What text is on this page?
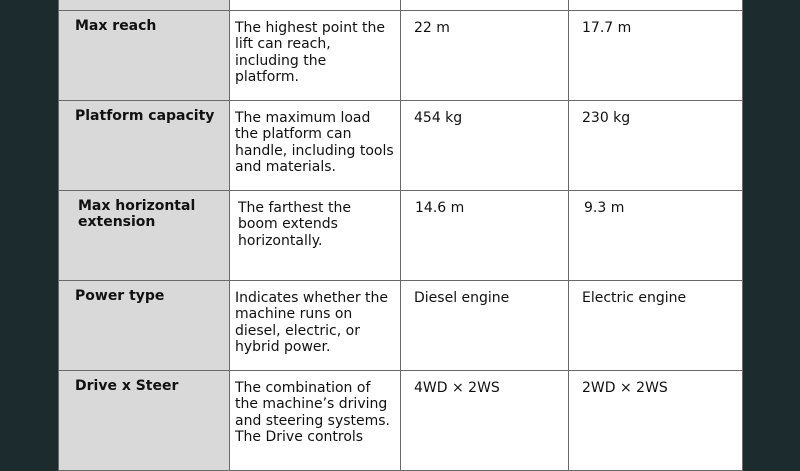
Max reach	The highest point the lift can reach, including the platform.	22 m	17.7 m

Platform capacity	The maximum load the platform can handle, including tools and materials.	454 kg	230 kg

Max horizontal extension	The farthest the boom extends horizontally.	14.6 m	9.3 m

Power type	Indicates whether the machine runs on diesel, electric, or hybrid power.	Diesel engine	Electric engine

Drive x Steer	The combination of the machine’s driving and steering systems. The Drive controls	4WD × 2WS	2WD × 2WS
